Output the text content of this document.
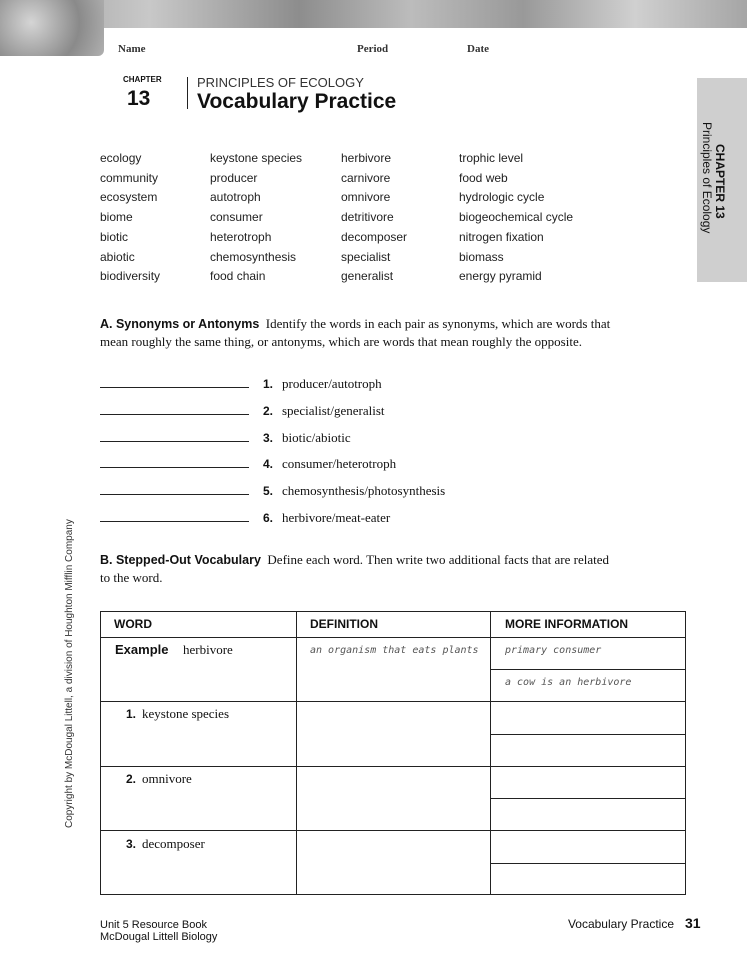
Name	Period	Date
CHAPTER
13
PRINCIPLES OF ECOLOGY
Vocabulary Practice
CHAPTER 13
Principles of Ecology
ecology
community
ecosystem
biome
biotic
abiotic
biodiversity
keystone species
producer
autotroph
consumer
heterotroph
chemosynthesis
food chain
herbivore
carnivore
omnivore
detritivore
decomposer
specialist
generalist
trophic level
food web
hydrologic cycle
biogeochemical cycle
nitrogen fixation
biomass
energy pyramid
A. Synonyms or Antonyms Identify the words in each pair as synonyms, which are words that mean roughly the same thing, or antonyms, which are words that mean roughly the opposite.
1. producer/autotroph
2. specialist/generalist
3. biotic/abiotic
4. consumer/heterotroph
5. chemosynthesis/photosynthesis
6. herbivore/meat-eater
B. Stepped-Out Vocabulary Define each word. Then write two additional facts that are related to the word.
WORD	DEFINITION	MORE INFORMATION
Example herbivore	an organism that eats plants	primary consumer
a cow is an herbivore
1. keystone species
2. omnivore
3. decomposer
Copyright by McDougal Littell, a division of Houghton Mifflin Company
Unit 5 Resource Book
McDougal Littell Biology
Vocabulary Practice 31
